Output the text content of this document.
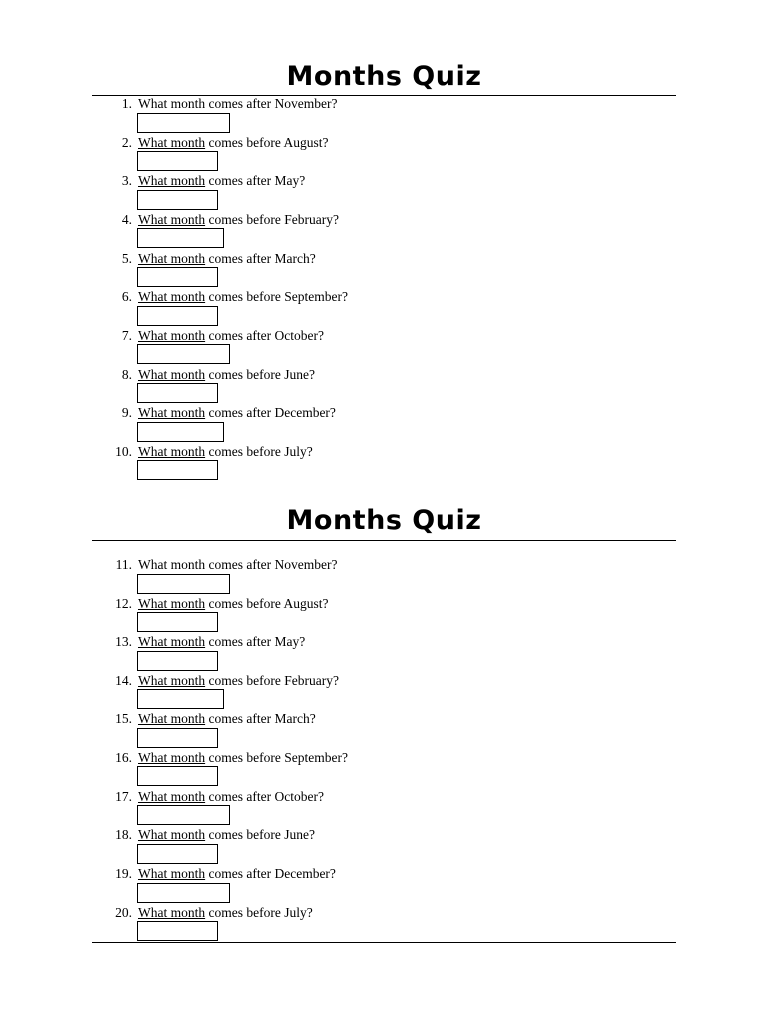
Months Quiz
1. What month comes after November?
2. What month comes before August?
3. What month comes after May?
4. What month comes before February?
5. What month comes after March?
6. What month comes before September?
7. What month comes after October?
8. What month comes before June?
9. What month comes after December?
10. What month comes before July?
Months Quiz
11. What month comes after November?
12. What month comes before August?
13. What month comes after May?
14. What month comes before February?
15. What month comes after March?
16. What month comes before September?
17. What month comes after October?
18. What month comes before June?
19. What month comes after December?
20. What month comes before July?
